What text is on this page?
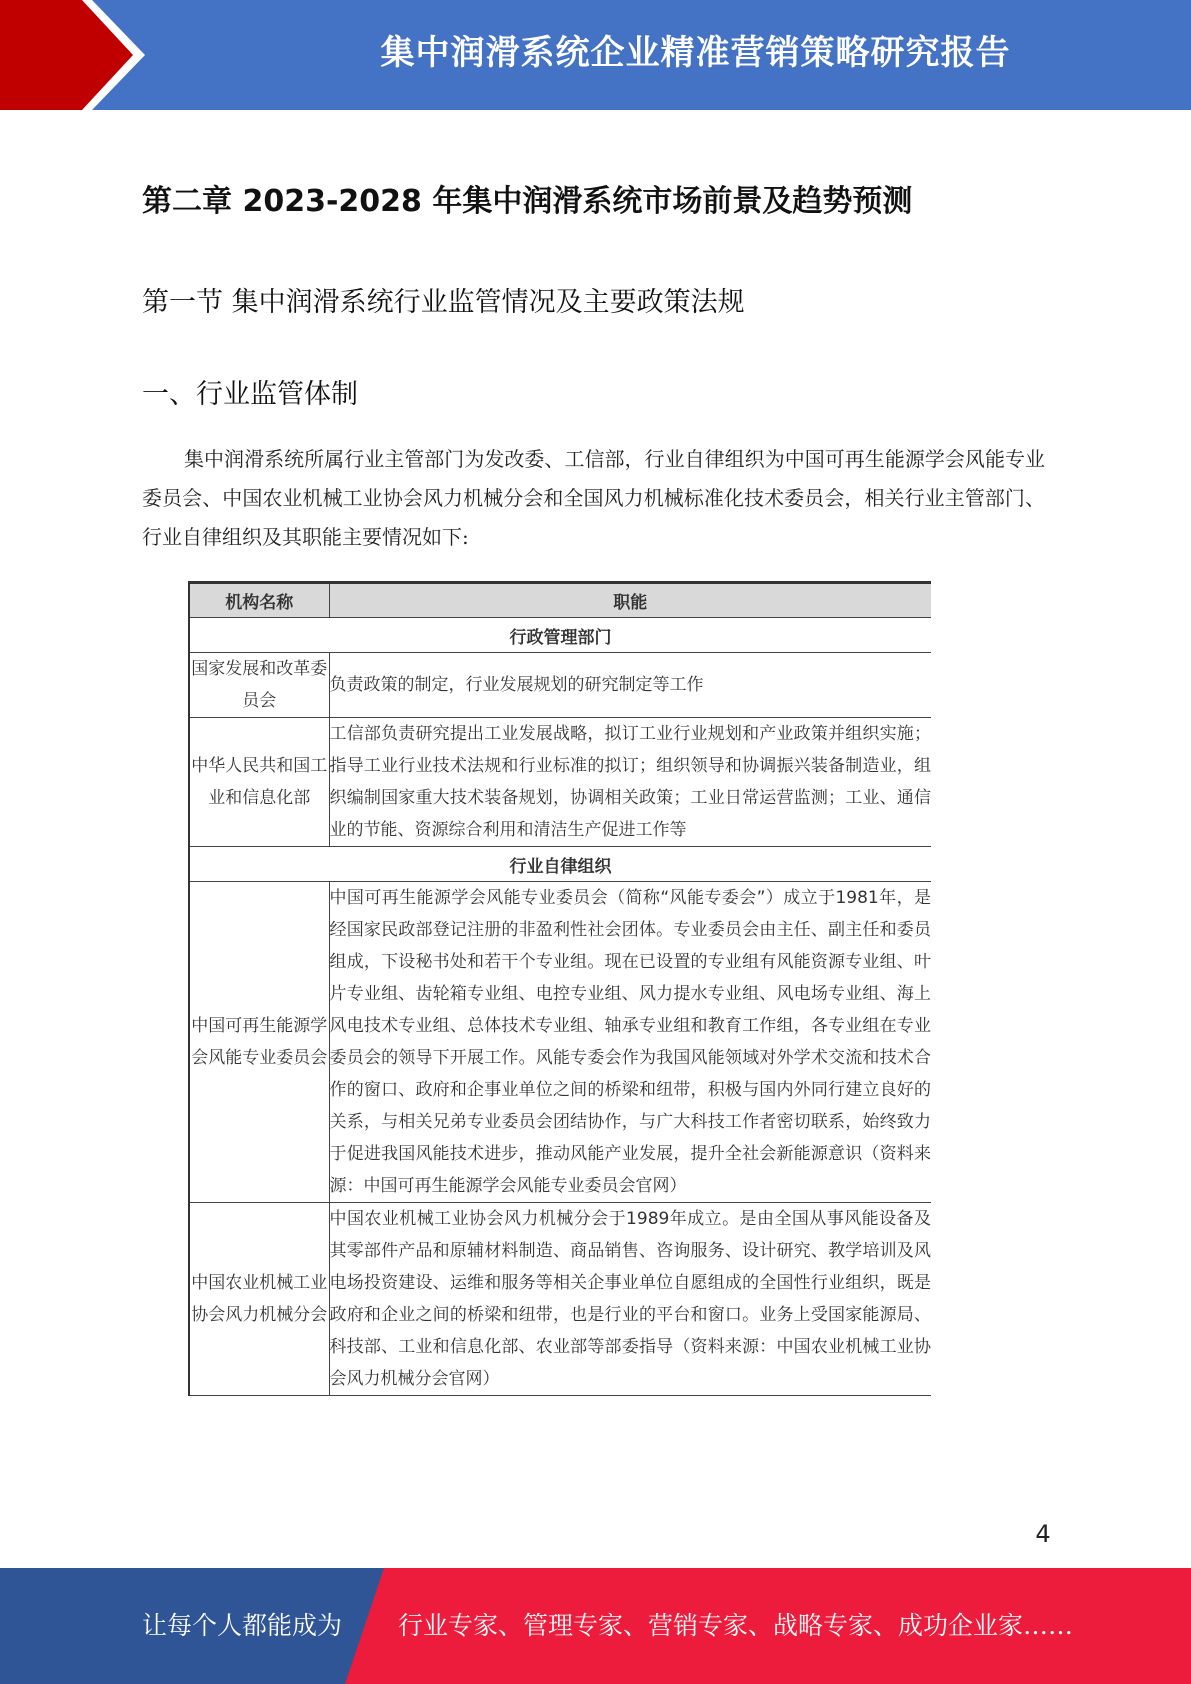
集中润滑系统企业精准营销策略研究报告
第二章 2023-2028 年集中润滑系统市场前景及趋势预测
第一节 集中润滑系统行业监管情况及主要政策法规
一、行业监管体制
集中润滑系统所属行业主管部门为发改委、工信部，行业自律组织为中国可再生能源学会风能专业委员会、中国农业机械工业协会风力机械分会和全国风力机械标准化技术委员会，相关行业主管部门、行业自律组织及其职能主要情况如下:
机构名称	职能
行政管理部门	
国家发展和改革委员会	负责政策的制定，行业发展规划的研究制定等工作
中华人民共和国工业和信息化部	工信部负责研究提出工业发展战略，拟订工业行业规划和产业政策并组织实施；指导工业行业技术法规和行业标准的拟订；组织领导和协调振兴装备制造业，组织编制国家重大技术装备规划，协调相关政策；工业日常运营监测；工业、通信业的节能、资源综合利用和清洁生产促进工作等
行业自律组织	
中国可再生能源学会风能专业委员会	中国可再生能源学会风能专业委员会（简称“风能专委会”）成立于1981年，是经国家民政部登记注册的非盈利性社会团体。专业委员会由主任、副主任和委员组成，下设秘书处和若干个专业组。现在已设置的专业组有风能资源专业组、叶片专业组、齿轮箱专业组、电控专业组、风力提水专业组、风电场专业组、海上风电技术专业组、总体技术专业组、轴承专业组和教育工作组，各专业组在专业委员会的领导下开展工作。风能专委会作为我国风能领域对外学术交流和技术合作的窗口、政府和企事业单位之间的桥梁和纽带，积极与国内外同行建立良好的关系，与相关兄弟专业委员会团结协作，与广大科技工作者密切联系，始终致力于促进我国风能技术进步，推动风能产业发展，提升全社会新能源意识（资料来源：中国可再生能源学会风能专业委员会官网）
中国农业机械工业协会风力机械分会	中国农业机械工业协会风力机械分会于1989年成立。是由全国从事风能设备及其零部件产品和原辅材料制造、商品销售、咨询服务、设计研究、教学培训及风电场投资建设、运维和服务等相关企事业单位自愿组成的全国性行业组织，既是政府和企业之间的桥梁和纽带，也是行业的平台和窗口。业务上受国家能源局、科技部、工业和信息化部、农业部等部委指导（资料来源：中国农业机械工业协会风力机械分会官网）
4
让每个人都能成为 行业专家、管理专家、营销专家、战略专家、成功企业家……
